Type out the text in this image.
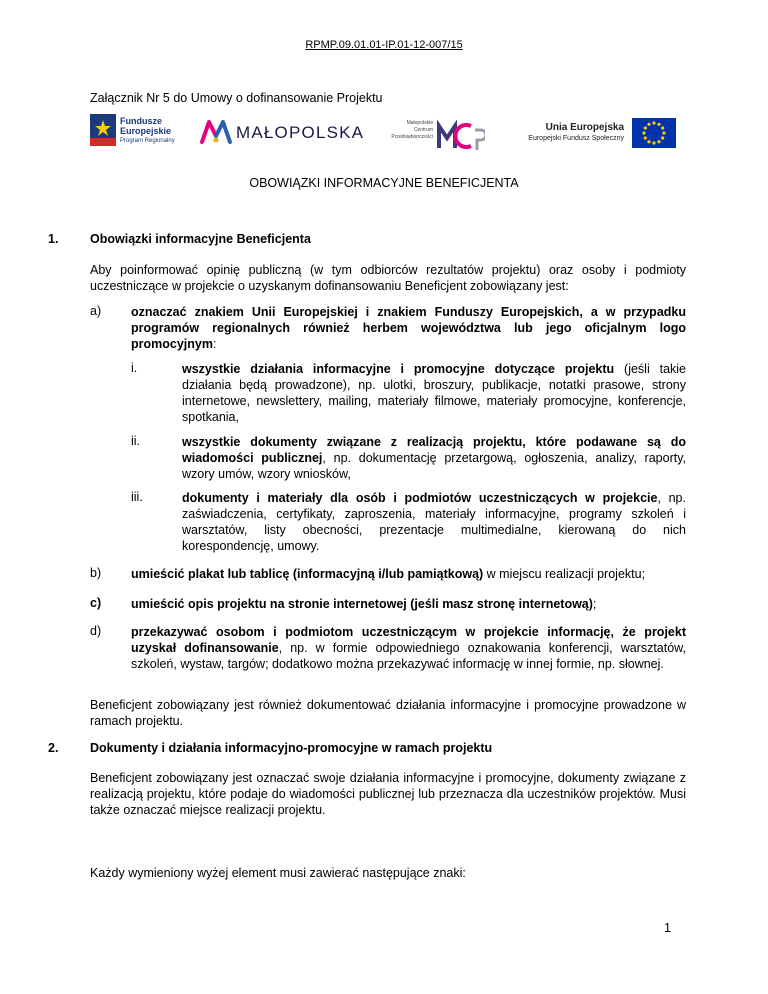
RPMP.09.01.01-IP.01-12-007/15
Załącznik Nr 5 do Umowy o dofinansowanie Projektu
Fundusze
Europejskie
Program Regionalny	MAŁOPOLSKA	Małopolskie
Centrum
Przedsiębiorczości
Unia Europejska
Europejski Fundusz Społeczny
OBOWIĄZKI INFORMACYJNE BENEFICJENTA
1.	Obowiązki informacyjne Beneficjenta

Aby poinformować opinię publiczną (w tym odbiorców rezultatów projektu) oraz osoby i podmioty uczestniczące w projekcie o uzyskanym dofinansowaniu Beneficjent zobowiązany jest:

a) oznaczać znakiem Unii Europejskiej i znakiem Funduszy Europejskich, a w przypadku programów regionalnych również herbem województwa lub jego oficjalnym logo promocyjnym:

i.	wszystkie działania informacyjne i promocyjne dotyczące projektu (jeśli takie działania będą prowadzone), np. ulotki, broszury, publikacje, notatki prasowe, strony internetowe, newslettery, mailing, materiały filmowe, materiały promocyjne, konferencje, spotkania,

ii.	wszystkie dokumenty związane z realizacją projektu, które podawane są do wiadomości publicznej, np. dokumentację przetargową, ogłoszenia, analizy, raporty, wzory umów, wzory wniosków,

iii.	dokumenty i materiały dla osób i podmiotów uczestniczących w projekcie, np. zaświadczenia, certyfikaty, zaproszenia, materiały informacyjne, programy szkoleń i warsztatów, listy obecności, prezentacje multimedialne, kierowaną do nich korespondencję, umowy.

b) umieścić plakat lub tablicę (informacyjną i/lub pamiątkową) w miejscu realizacji projektu;

c) umieścić opis projektu na stronie internetowej (jeśli masz stronę internetową);

d) przekazywać osobom i podmiotom uczestniczącym w projekcie informację, że projekt uzyskał dofinansowanie, np. w formie odpowiedniego oznakowania konferencji, warsztatów, szkoleń, wystaw, targów; dodatkowo można przekazywać informację w innej formie, np. słownej.

Beneficjent zobowiązany jest również dokumentować działania informacyjne i promocyjne prowadzone w ramach projektu.

2.	Dokumenty i działania informacyjno-promocyjne w ramach projektu

Beneficjent zobowiązany jest oznaczać swoje działania informacyjne i promocyjne, dokumenty związane z realizacją projektu, które podaje do wiadomości publicznej lub przeznacza dla uczestników projektów. Musi także oznaczać miejsce realizacji projektu.

Każdy wymieniony wyżej element musi zawierać następujące znaki:

1
